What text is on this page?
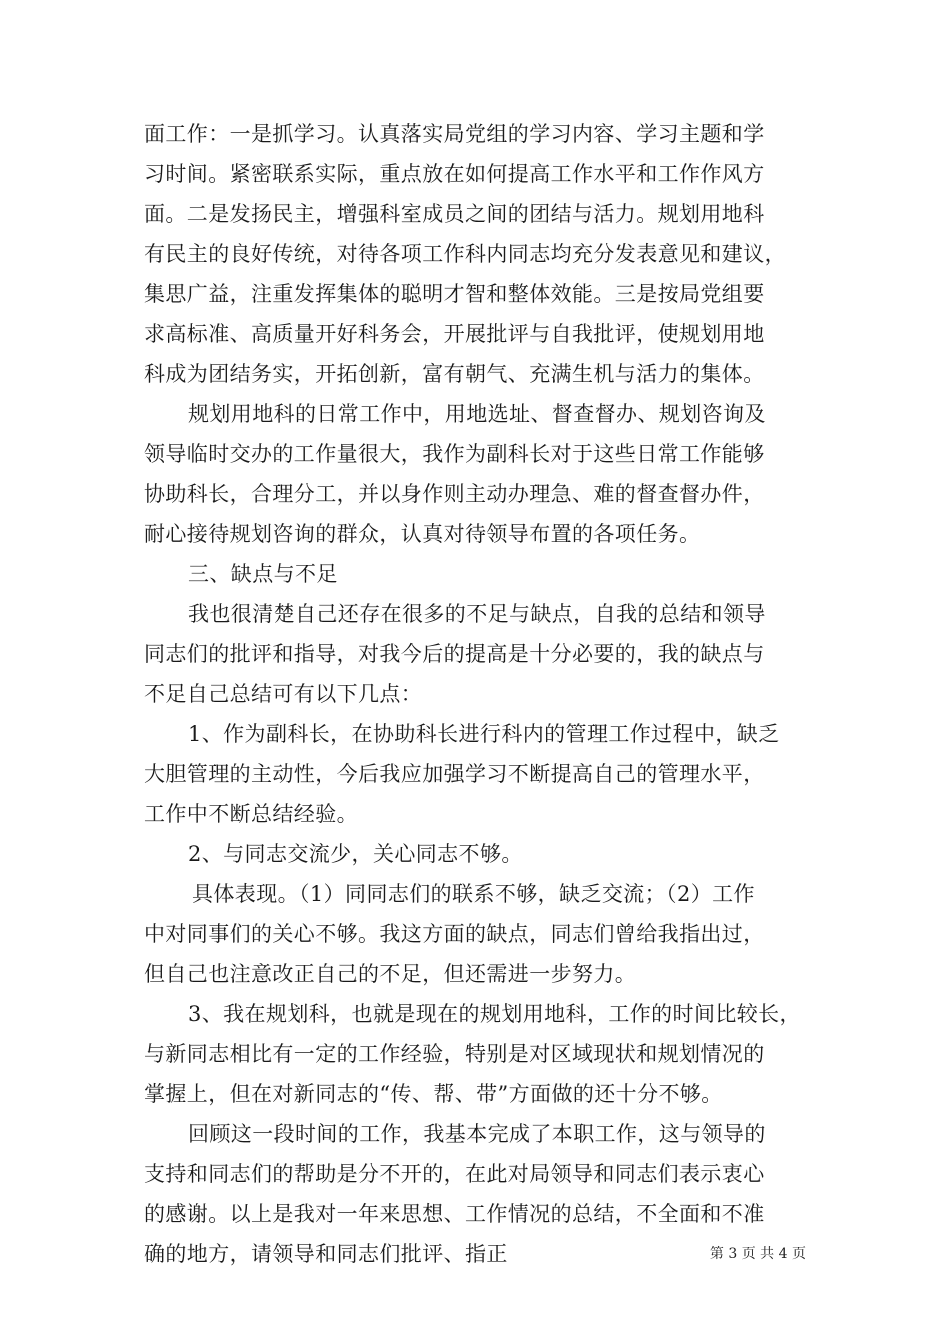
面工作：一是抓学习。认真落实局党组的学习内容、学习主题和学
习时间。紧密联系实际，重点放在如何提高工作水平和工作作风方
面。二是发扬民主，增强科室成员之间的团结与活力。规划用地科
有民主的良好传统，对待各项工作科内同志均充分发表意见和建议，
集思广益，注重发挥集体的聪明才智和整体效能。三是按局党组要
求高标准、高质量开好科务会，开展批评与自我批评，使规划用地
科成为团结务实，开拓创新，富有朝气、充满生机与活力的集体。
规划用地科的日常工作中，用地选址、督查督办、规划咨询及
领导临时交办的工作量很大，我作为副科长对于这些日常工作能够
协助科长，合理分工，并以身作则主动办理急、难的督查督办件，
耐心接待规划咨询的群众，认真对待领导布置的各项任务。
三、缺点与不足
我也很清楚自己还存在很多的不足与缺点，自我的总结和领导
同志们的批评和指导，对我今后的提高是十分必要的，我的缺点与
不足自己总结可有以下几点：
1、作为副科长，在协助科长进行科内的管理工作过程中，缺乏
大胆管理的主动性，今后我应加强学习不断提高自己的管理水平，
工作中不断总结经验。
2、与同志交流少，关心同志不够。
具体表现。（1）同同志们的联系不够，缺乏交流；（2）工作
中对同事们的关心不够。我这方面的缺点，同志们曾给我指出过，
但自己也注意改正自己的不足，但还需进一步努力。
3、我在规划科，也就是现在的规划用地科，工作的时间比较长，
与新同志相比有一定的工作经验，特别是对区域现状和规划情况的
掌握上，但在对新同志的“传、帮、带”方面做的还十分不够。
回顾这一段时间的工作，我基本完成了本职工作，这与领导的
支持和同志们的帮助是分不开的，在此对局领导和同志们表示衷心
的感谢。以上是我对一年来思想、工作情况的总结，不全面和不准
确的地方，请领导和同志们批评、指正	第 3 页 共 4 页
